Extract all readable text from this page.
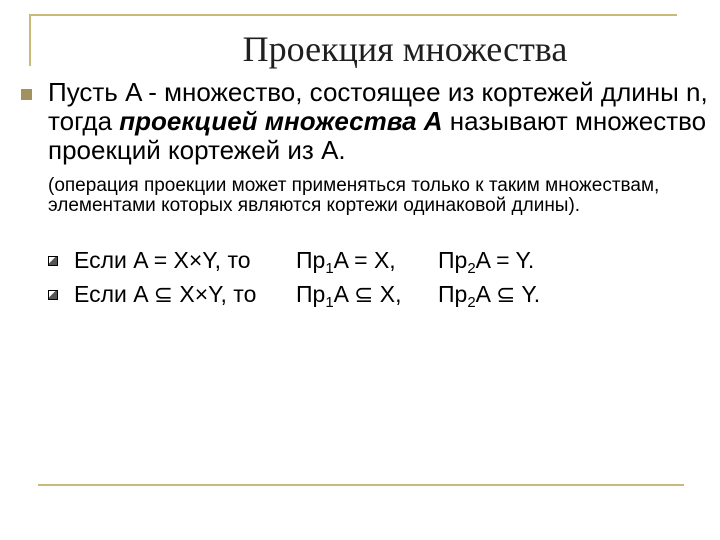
Проекция множества
Пусть A - множество, состоящее из кортежей длины n, тогда проекцией множества A называют множество проекций кортежей из A.
(операция проекции может применяться только к таким множествам, элементами которых являются кортежи одинаковой длины).
Если A = X×Y, то $Пр_1A = X$, $Пр_2A = Y$.
Если A ⊆ X×Y, то $Пр_1A$ ⊆ X, $Пр_2A$ ⊆ Y.
